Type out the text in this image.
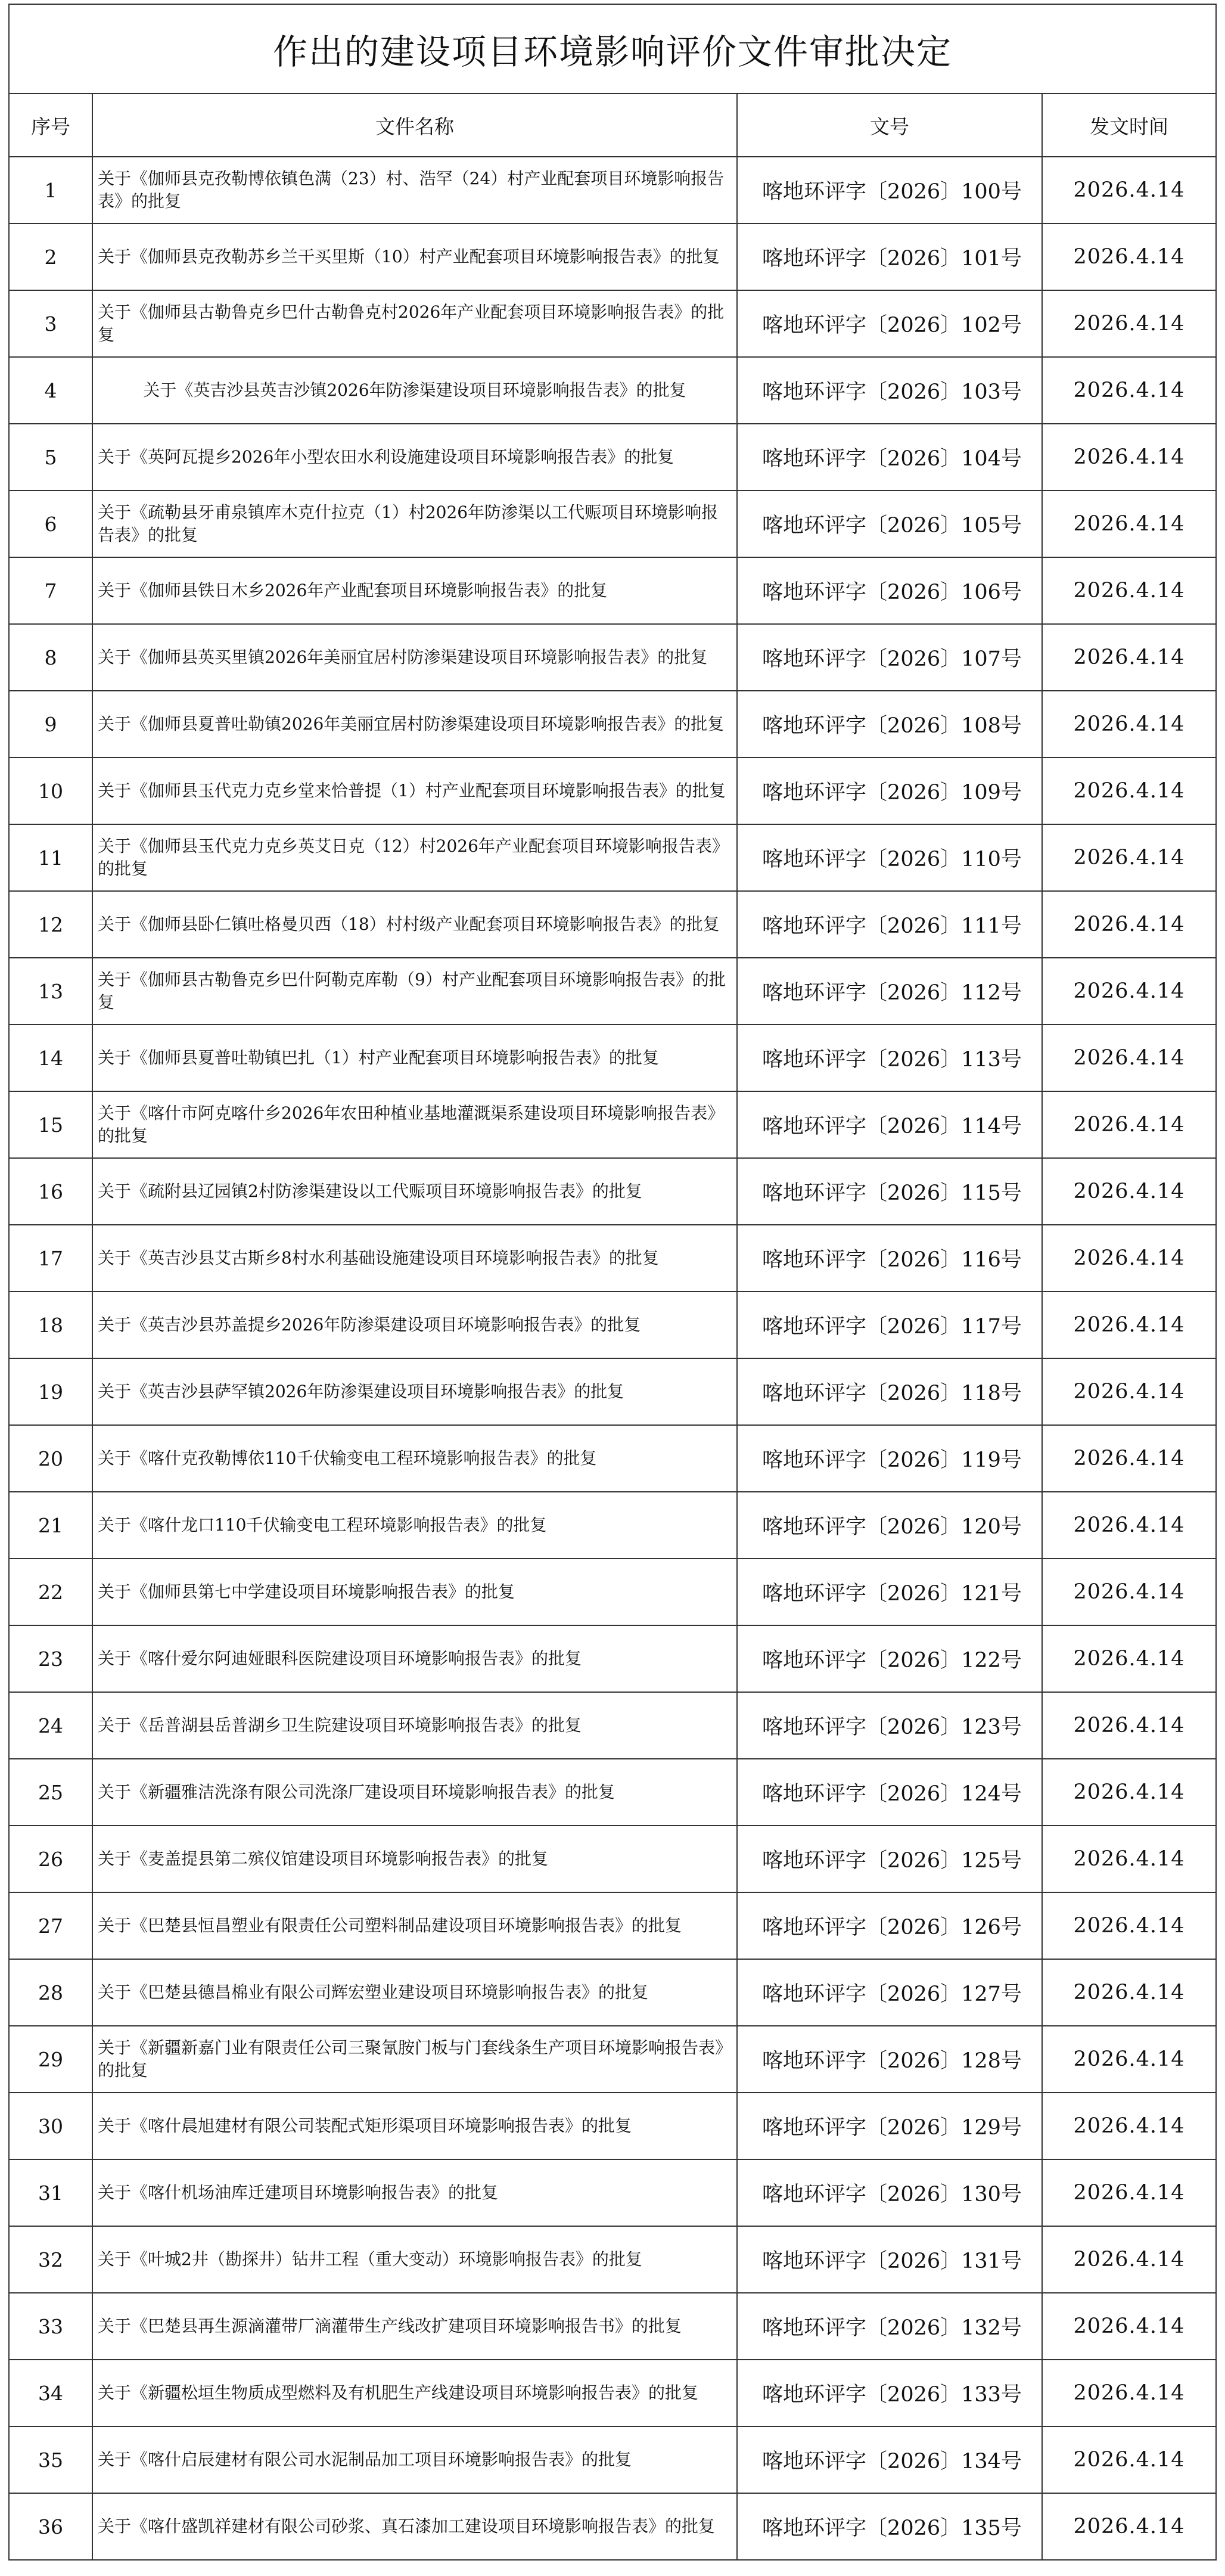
作出的建设项目环境影响评价文件审批决定			
序号	文件名称	文号	发文时间
1	关于《伽师县克孜勒博依镇色满（23）村、浩罕（24）村产业配套项目环境影响报告表》的批复	喀地环评字〔2026〕100号	2026.4.14
2	关于《伽师县克孜勒苏乡兰干买里斯（10）村产业配套项目环境影响报告表》的批复	喀地环评字〔2026〕101号	2026.4.14
3	关于《伽师县古勒鲁克乡巴什古勒鲁克村2026年产业配套项目环境影响报告表》的批复	喀地环评字〔2026〕102号	2026.4.14
4	关于《英吉沙县英吉沙镇2026年防渗渠建设项目环境影响报告表》的批复	喀地环评字〔2026〕103号	2026.4.14
5	关于《英阿瓦提乡2026年小型农田水利设施建设项目环境影响报告表》的批复	喀地环评字〔2026〕104号	2026.4.14
6	关于《疏勒县牙甫泉镇库木克什拉克（1）村2026年防渗渠以工代赈项目环境影响报告表》的批复	喀地环评字〔2026〕105号	2026.4.14
7	关于《伽师县铁日木乡2026年产业配套项目环境影响报告表》的批复	喀地环评字〔2026〕106号	2026.4.14
8	关于《伽师县英买里镇2026年美丽宜居村防渗渠建设项目环境影响报告表》的批复	喀地环评字〔2026〕107号	2026.4.14
9	关于《伽师县夏普吐勒镇2026年美丽宜居村防渗渠建设项目环境影响报告表》的批复	喀地环评字〔2026〕108号	2026.4.14
10	关于《伽师县玉代克力克乡堂来恰普提（1）村产业配套项目环境影响报告表》的批复	喀地环评字〔2026〕109号	2026.4.14
11	关于《伽师县玉代克力克乡英艾日克（12）村2026年产业配套项目环境影响报告表》的批复	喀地环评字〔2026〕110号	2026.4.14
12	关于《伽师县卧仁镇吐格曼贝西（18）村村级产业配套项目环境影响报告表》的批复	喀地环评字〔2026〕111号	2026.4.14
13	关于《伽师县古勒鲁克乡巴什阿勒克库勒（9）村产业配套项目环境影响报告表》的批复	喀地环评字〔2026〕112号	2026.4.14
14	关于《伽师县夏普吐勒镇巴扎（1）村产业配套项目环境影响报告表》的批复	喀地环评字〔2026〕113号	2026.4.14
15	关于《喀什市阿克喀什乡2026年农田种植业基地灌溉渠系建设项目环境影响报告表》的批复	喀地环评字〔2026〕114号	2026.4.14
16	关于《疏附县辽园镇2村防渗渠建设以工代赈项目环境影响报告表》的批复	喀地环评字〔2026〕115号	2026.4.14
17	关于《英吉沙县艾古斯乡8村水利基础设施建设项目环境影响报告表》的批复	喀地环评字〔2026〕116号	2026.4.14
18	关于《英吉沙县苏盖提乡2026年防渗渠建设项目环境影响报告表》的批复	喀地环评字〔2026〕117号	2026.4.14
19	关于《英吉沙县萨罕镇2026年防渗渠建设项目环境影响报告表》的批复	喀地环评字〔2026〕118号	2026.4.14
20	关于《喀什克孜勒博依110千伏输变电工程环境影响报告表》的批复	喀地环评字〔2026〕119号	2026.4.14
21	关于《喀什龙口110千伏输变电工程环境影响报告表》的批复	喀地环评字〔2026〕120号	2026.4.14
22	关于《伽师县第七中学建设项目环境影响报告表》的批复	喀地环评字〔2026〕121号	2026.4.14
23	关于《喀什爱尔阿迪娅眼科医院建设项目环境影响报告表》的批复	喀地环评字〔2026〕122号	2026.4.14
24	关于《岳普湖县岳普湖乡卫生院建设项目环境影响报告表》的批复	喀地环评字〔2026〕123号	2026.4.14
25	关于《新疆雅洁洗涤有限公司洗涤厂建设项目环境影响报告表》的批复	喀地环评字〔2026〕124号	2026.4.14
26	关于《麦盖提县第二殡仪馆建设项目环境影响报告表》的批复	喀地环评字〔2026〕125号	2026.4.14
27	关于《巴楚县恒昌塑业有限责任公司塑料制品建设项目环境影响报告表》的批复	喀地环评字〔2026〕126号	2026.4.14
28	关于《巴楚县德昌棉业有限公司辉宏塑业建设项目环境影响报告表》的批复	喀地环评字〔2026〕127号	2026.4.14
29	关于《新疆新嘉门业有限责任公司三聚氰胺门板与门套线条生产项目环境影响报告表》的批复	喀地环评字〔2026〕128号	2026.4.14
30	关于《喀什晨旭建材有限公司装配式矩形渠项目环境影响报告表》的批复	喀地环评字〔2026〕129号	2026.4.14
31	关于《喀什机场油库迁建项目环境影响报告表》的批复	喀地环评字〔2026〕130号	2026.4.14
32	关于《叶城2井（勘探井）钻井工程（重大变动）环境影响报告表》的批复	喀地环评字〔2026〕131号	2026.4.14
33	关于《巴楚县再生源滴灌带厂滴灌带生产线改扩建项目环境影响报告书》的批复	喀地环评字〔2026〕132号	2026.4.14
34	关于《新疆松垣生物质成型燃料及有机肥生产线建设项目环境影响报告表》的批复	喀地环评字〔2026〕133号	2026.4.14
35	关于《喀什启辰建材有限公司水泥制品加工项目环境影响报告表》的批复	喀地环评字〔2026〕134号	2026.4.14
36	关于《喀什盛凯祥建材有限公司砂浆、真石漆加工建设项目环境影响报告表》的批复	喀地环评字〔2026〕135号	2026.4.14
